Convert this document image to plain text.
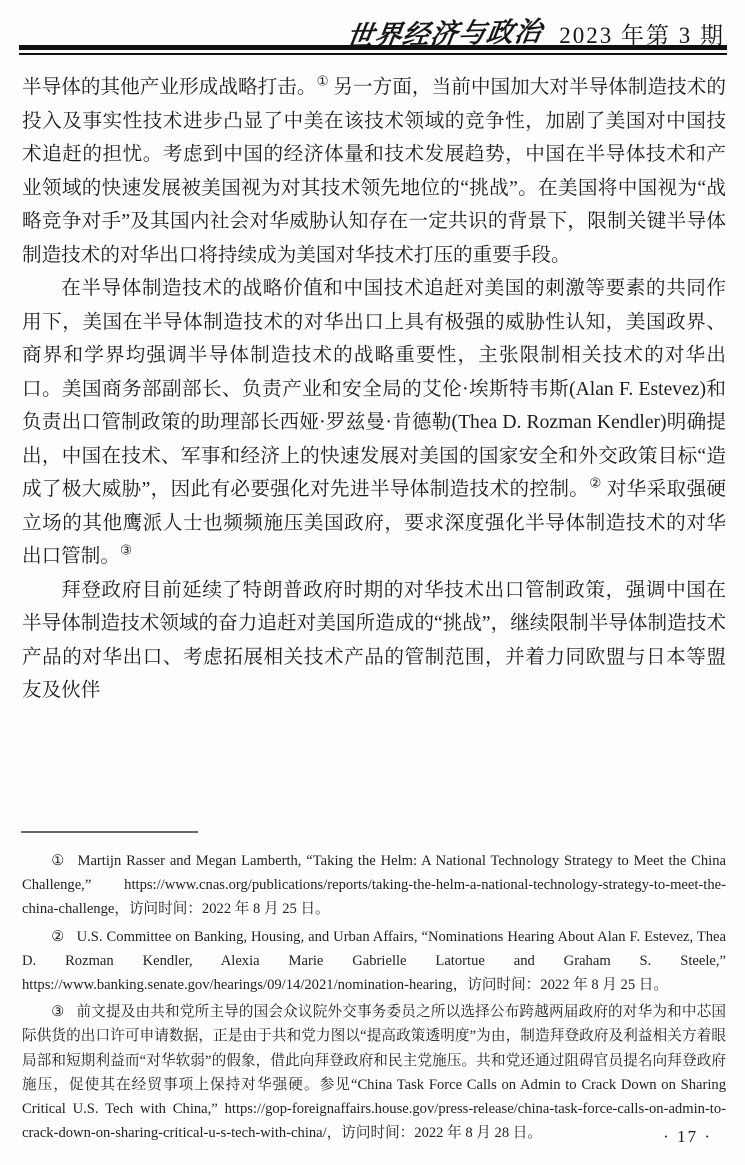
世界经济与政治 2023 年第 3 期

半导体的其他产业形成战略打击。① 另一方面，当前中国加大对半导体制造技术的投入及事实性技术进步凸显了中美在该技术领域的竞争性，加剧了美国对中国技术追赶的担忧。考虑到中国的经济体量和技术发展趋势，中国在半导体技术和产业领域的快速发展被美国视为对其技术领先地位的“挑战”。在美国将中国视为“战略竞争对手”及其国内社会对华威胁认知存在一定共识的背景下，限制关键半导体制造技术的对华出口将持续成为美国对华技术打压的重要手段。

在半导体制造技术的战略价值和中国技术追赶对美国的刺激等要素的共同作用下，美国在半导体制造技术的对华出口上具有极强的威胁性认知，美国政界、商界和学界均强调半导体制造技术的战略重要性，主张限制相关技术的对华出口。美国商务部副部长、负责产业和安全局的艾伦·埃斯特韦斯(Alan F. Estevez)和负责出口管制政策的助理部长西娅·罗兹曼·肯德勒(Thea D. Rozman Kendler)明确提出，中国在技术、军事和经济上的快速发展对美国的国家安全和外交政策目标“造成了极大威胁”，因此有必要强化对先进半导体制造技术的控制。② 对华采取强硬立场的其他鹰派人士也频频施压美国政府，要求深度强化半导体制造技术的对华出口管制。③

拜登政府目前延续了特朗普政府时期的对华技术出口管制政策，强调中国在半导体制造技术领域的奋力追赶对美国所造成的“挑战”，继续限制半导体制造技术产品的对华出口、考虑拓展相关技术产品的管制范围，并着力同欧盟与日本等盟友及伙伴

① Martijn Rasser and Megan Lamberth, “Taking the Helm: A National Technology Strategy to Meet the China Challenge,” https://www.cnas.org/publications/reports/taking-the-helm-a-national-technology-strategy-to-meet-the-china-challenge，访问时间：2022 年 8 月 25 日。

② U.S. Committee on Banking, Housing, and Urban Affairs, “Nominations Hearing About Alan F. Estevez, Thea D. Rozman Kendler, Alexia Marie Gabrielle Latortue and Graham S. Steele,” https://www.banking.senate.gov/hearings/09/14/2021/nomination-hearing，访问时间：2022 年 8 月 25 日。

③ 前文提及由共和党所主导的国会众议院外交事务委员之所以选择公布跨越两届政府的对华为和中芯国际供货的出口许可申请数据，正是由于共和党力图以“提高政策透明度”为由，制造拜登政府及利益相关方着眼局部和短期利益而“对华软弱”的假象，借此向拜登政府和民主党施压。共和党还通过阻碍官员提名向拜登政府施压，促使其在经贸事项上保持对华强硬。参见“China Task Force Calls on Admin to Crack Down on Sharing Critical U.S. Tech with China,” https://gop-foreignaffairs.house.gov/press-release/china-task-force-calls-on-admin-to-crack-down-on-sharing-critical-u-s-tech-with-china/，访问时间：2022 年 8 月 28 日。	· 17 ·
